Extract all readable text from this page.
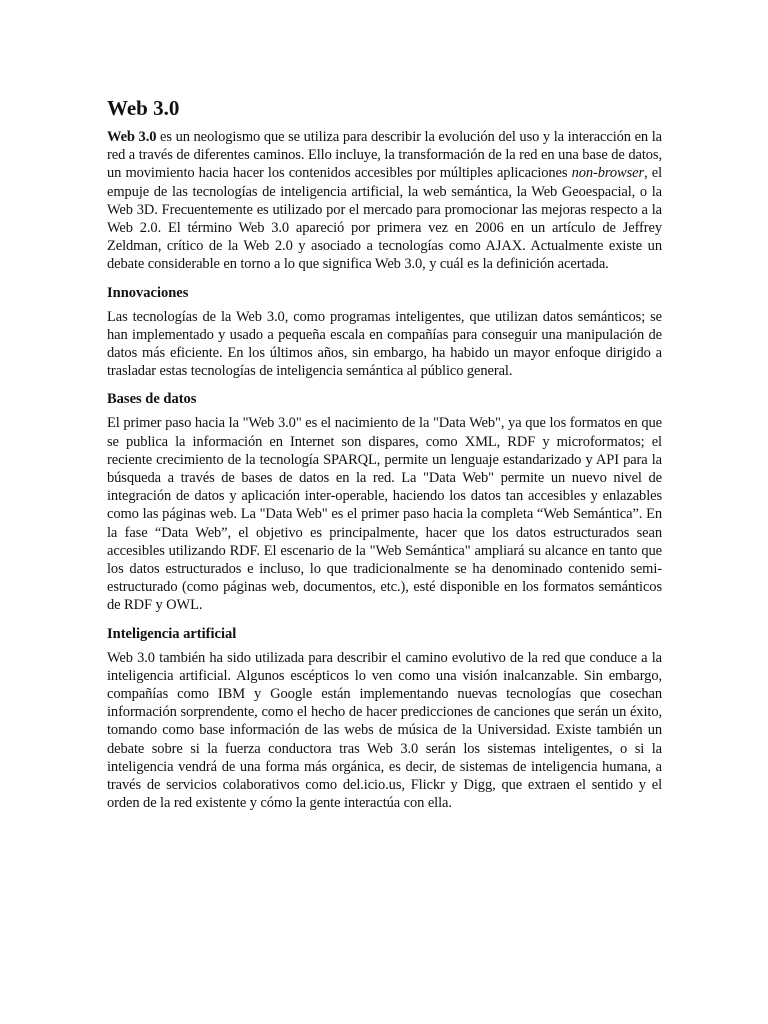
Web 3.0

Web 3.0 es un neologismo que se utiliza para describir la evolución del uso y la interacción en la red a través de diferentes caminos. Ello incluye, la transformación de la red en una base de datos, un movimiento hacia hacer los contenidos accesibles por múltiples aplicaciones non-browser, el empuje de las tecnologías de inteligencia artificial, la web semántica, la Web Geoespacial, o la Web 3D. Frecuentemente es utilizado por el mercado para promocionar las mejoras respecto a la Web 2.0. El término Web 3.0 apareció por primera vez en 2006 en un artículo de Jeffrey Zeldman, crítico de la Web 2.0 y asociado a tecnologías como AJAX. Actualmente existe un debate considerable en torno a lo que significa Web 3.0, y cuál es la definición acertada.

Innovaciones

Las tecnologías de la Web 3.0, como programas inteligentes, que utilizan datos semánticos; se han implementado y usado a pequeña escala en compañías para conseguir una manipulación de datos más eficiente. En los últimos años, sin embargo, ha habido un mayor enfoque dirigido a trasladar estas tecnologías de inteligencia semántica al público general.

Bases de datos

El primer paso hacia la "Web 3.0" es el nacimiento de la "Data Web", ya que los formatos en que se publica la información en Internet son dispares, como XML, RDF y microformatos; el reciente crecimiento de la tecnología SPARQL, permite un lenguaje estandarizado y API para la búsqueda a través de bases de datos en la red. La "Data Web" permite un nuevo nivel de integración de datos y aplicación inter-operable, haciendo los datos tan accesibles y enlazables como las páginas web. La "Data Web" es el primer paso hacia la completa “Web Semántica”. En la fase “Data Web”, el objetivo es principalmente, hacer que los datos estructurados sean accesibles utilizando RDF. El escenario de la "Web Semántica" ampliará su alcance en tanto que los datos estructurados e incluso, lo que tradicionalmente se ha denominado contenido semi-estructurado (como páginas web, documentos, etc.), esté disponible en los formatos semánticos de RDF y OWL.

Inteligencia artificial

Web 3.0 también ha sido utilizada para describir el camino evolutivo de la red que conduce a la inteligencia artificial. Algunos escépticos lo ven como una visión inalcanzable. Sin embargo, compañías como IBM y Google están implementando nuevas tecnologías que cosechan información sorprendente, como el hecho de hacer predicciones de canciones que serán un éxito, tomando como base información de las webs de música de la Universidad. Existe también un debate sobre si la fuerza conductora tras Web 3.0 serán los sistemas inteligentes, o si la inteligencia vendrá de una forma más orgánica, es decir, de sistemas de inteligencia humana, a través de servicios colaborativos como del.icio.us, Flickr y Digg, que extraen el sentido y el orden de la red existente y cómo la gente interactúa con ella.
